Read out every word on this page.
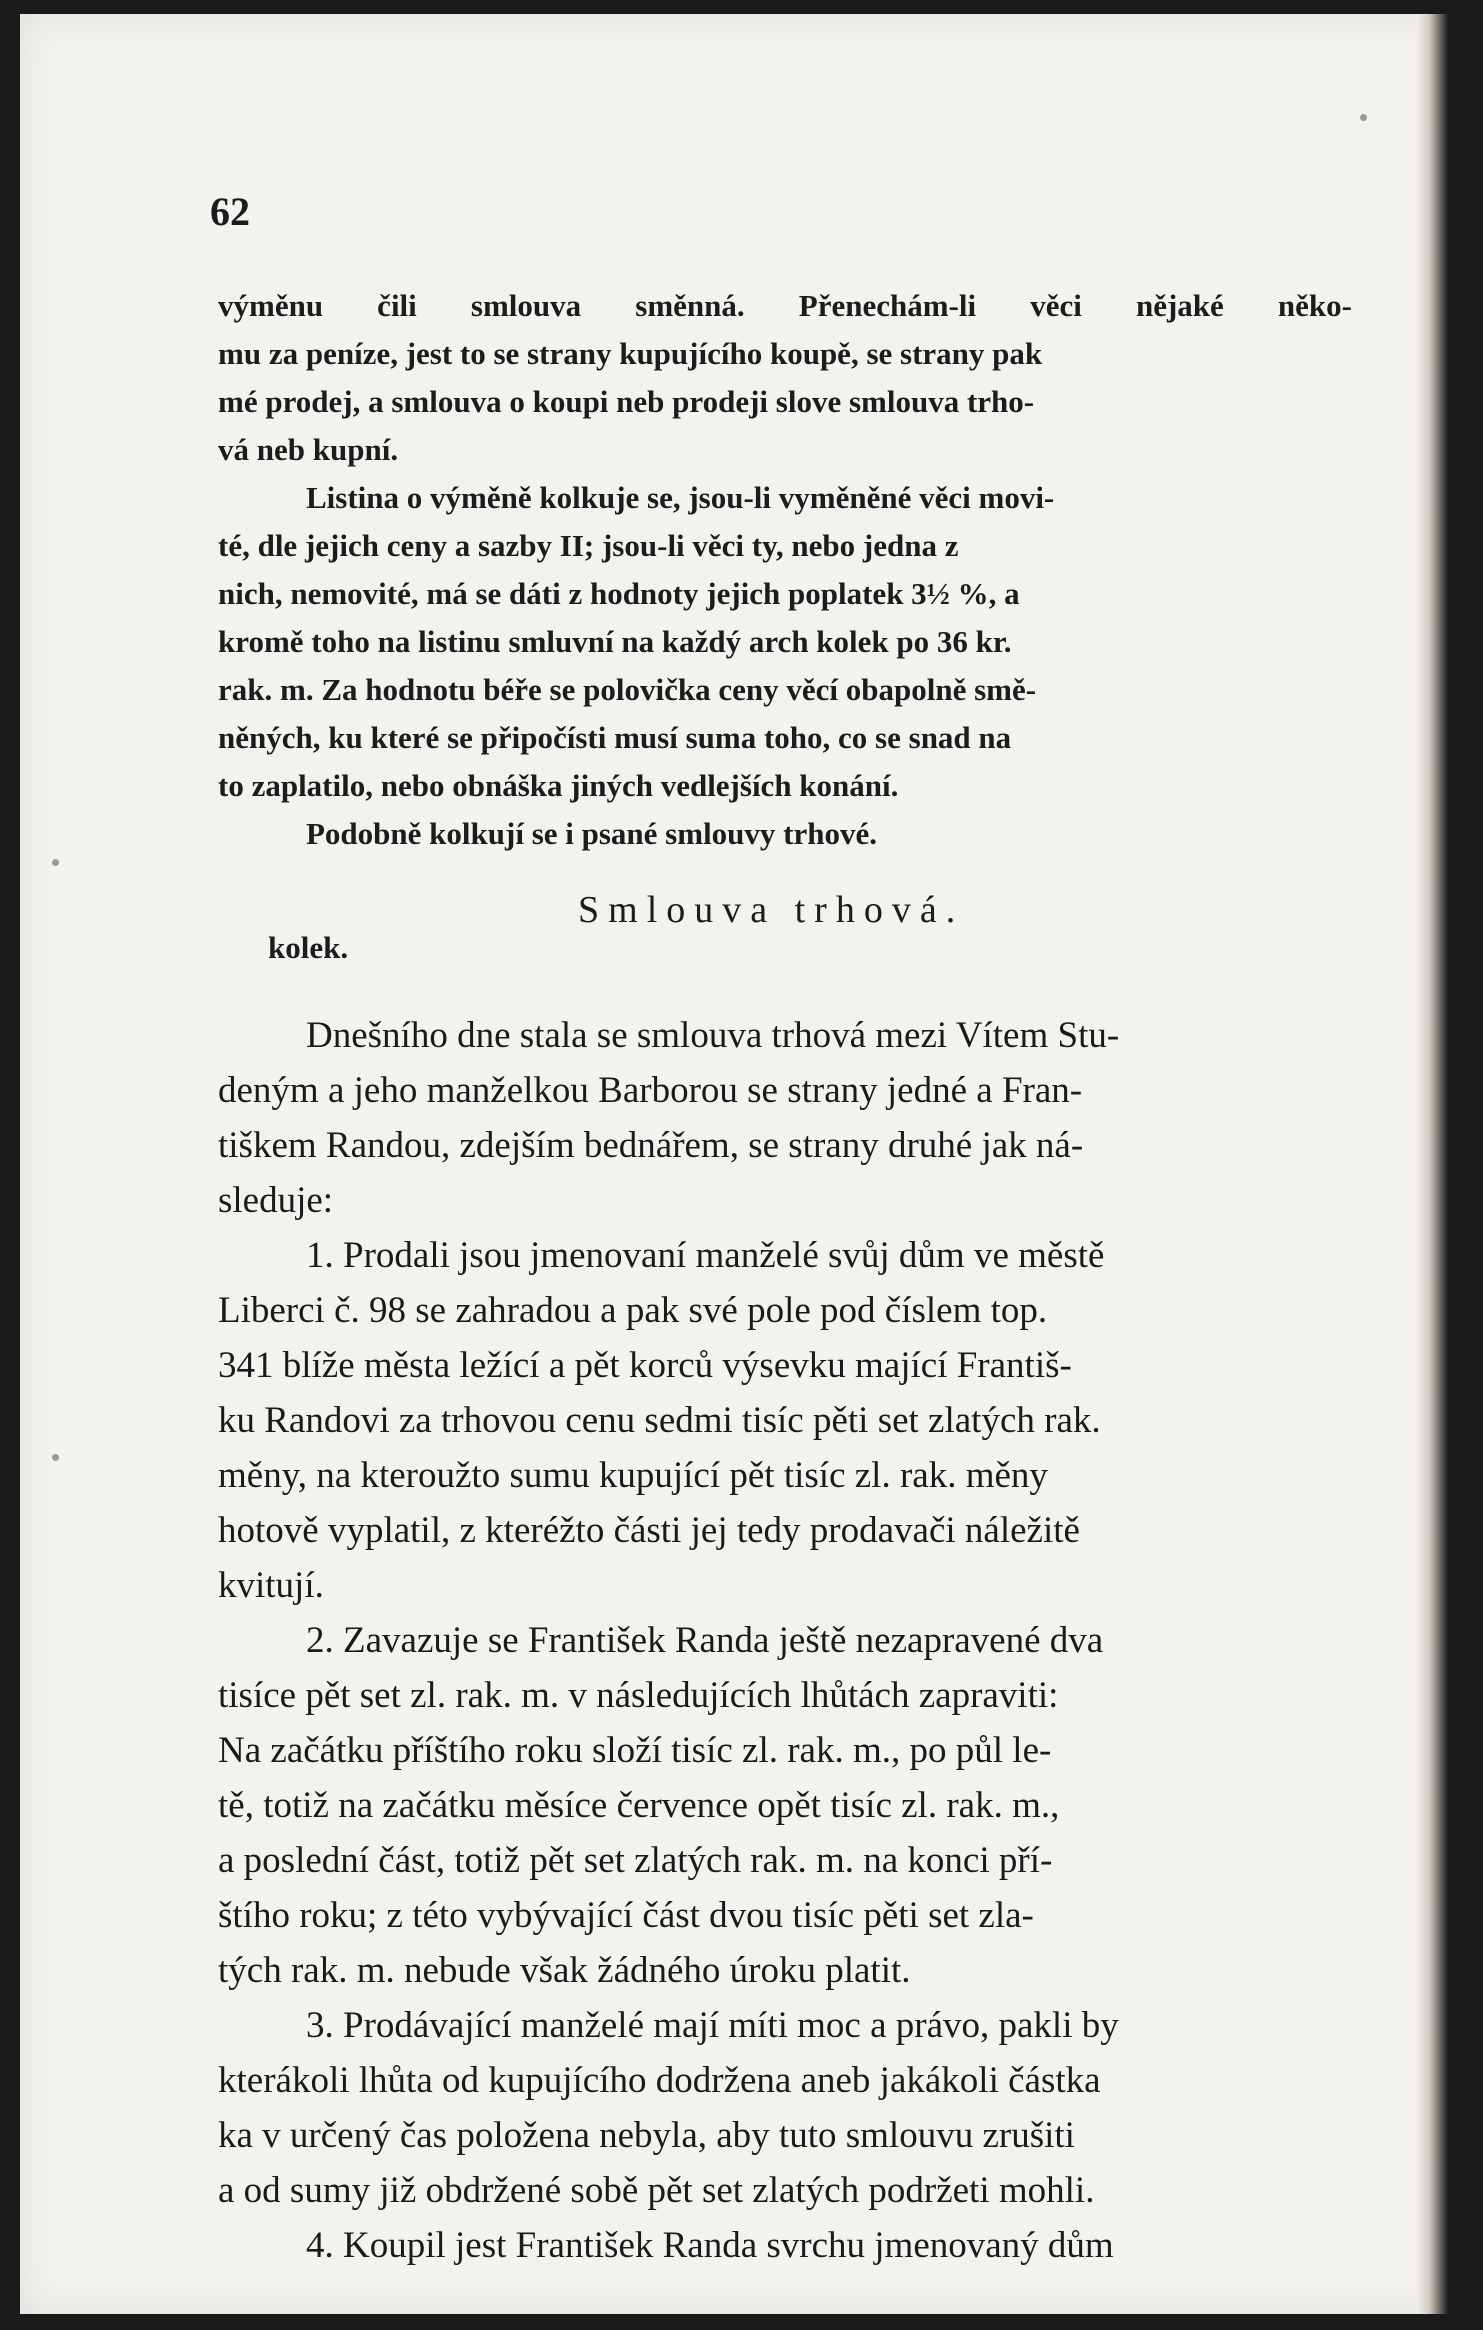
62

výměnu čili smlouva směnná. Přenechám-li věci nějaké něko-
mu za peníze, jest to se strany kupujícího koupě, se strany pak
mé prodej, a smlouva o koupi neb prodeji slove smlouva trho-
vá neb kupní.

Listina o výměně kolkuje se, jsou-li vyměněné věci movi-
té, dle jejich ceny a sazby II; jsou-li věci ty, nebo jedna z
nich, nemovité, má se dáti z hodnoty jejich poplatek 3½ %, a
kromě toho na listinu smluvní na každý arch kolek po 36 kr.
rak. m. Za hodnotu béře se polovička ceny věcí obapolně smě-
něných, ku které se připočísti musí suma toho, co se snad na
to zaplatilo, nebo obnáška jiných vedlejších konání.

Podobně kolkují se i psané smlouvy trhové.

Smlouva trhová.
kolek.

Dnešního dne stala se smlouva trhová mezi Vítem Stu-
deným a jeho manželkou Barborou se strany jedné a Fran-
tiškem Randou, zdejším bednářem, se strany druhé jak ná-
sleduje:

1. Prodali jsou jmenovaní manželé svůj dům ve městě
Liberci č. 98 se zahradou a pak své pole pod číslem top.
341 blíže města ležící a pět korců výsevku mající Františ-
ku Randovi za trhovou cenu sedmi tisíc pěti set zlatých rak.
měny, na kteroužto sumu kupující pět tisíc zl. rak. měny
hotově vyplatil, z kteréžto části jej tedy prodavači náležitě
kvitují.

2. Zavazuje se František Randa ještě nezapravené dva
tisíce pět set zl. rak. m. v následujících lhůtách zapraviti:
Na začátku příštího roku složí tisíc zl. rak. m., po půl le-
tě, totiž na začátku měsíce července opět tisíc zl. rak. m.,
a poslední část, totiž pět set zlatých rak. m. na konci pří-
štího roku; z této vybývající část dvou tisíc pěti set zla-
tých rak. m. nebude však žádného úroku platit.

3. Prodávající manželé mají míti moc a právo, pakli by
kterákoli lhůta od kupujícího dodržena aneb jakákoli částka
ka v určený čas položena nebyla, aby tuto smlouvu zrušiti
a od sumy již obdržené sobě pět set zlatých podržeti mohli.

4. Koupil jest František Randa svrchu jmenovaný dům
